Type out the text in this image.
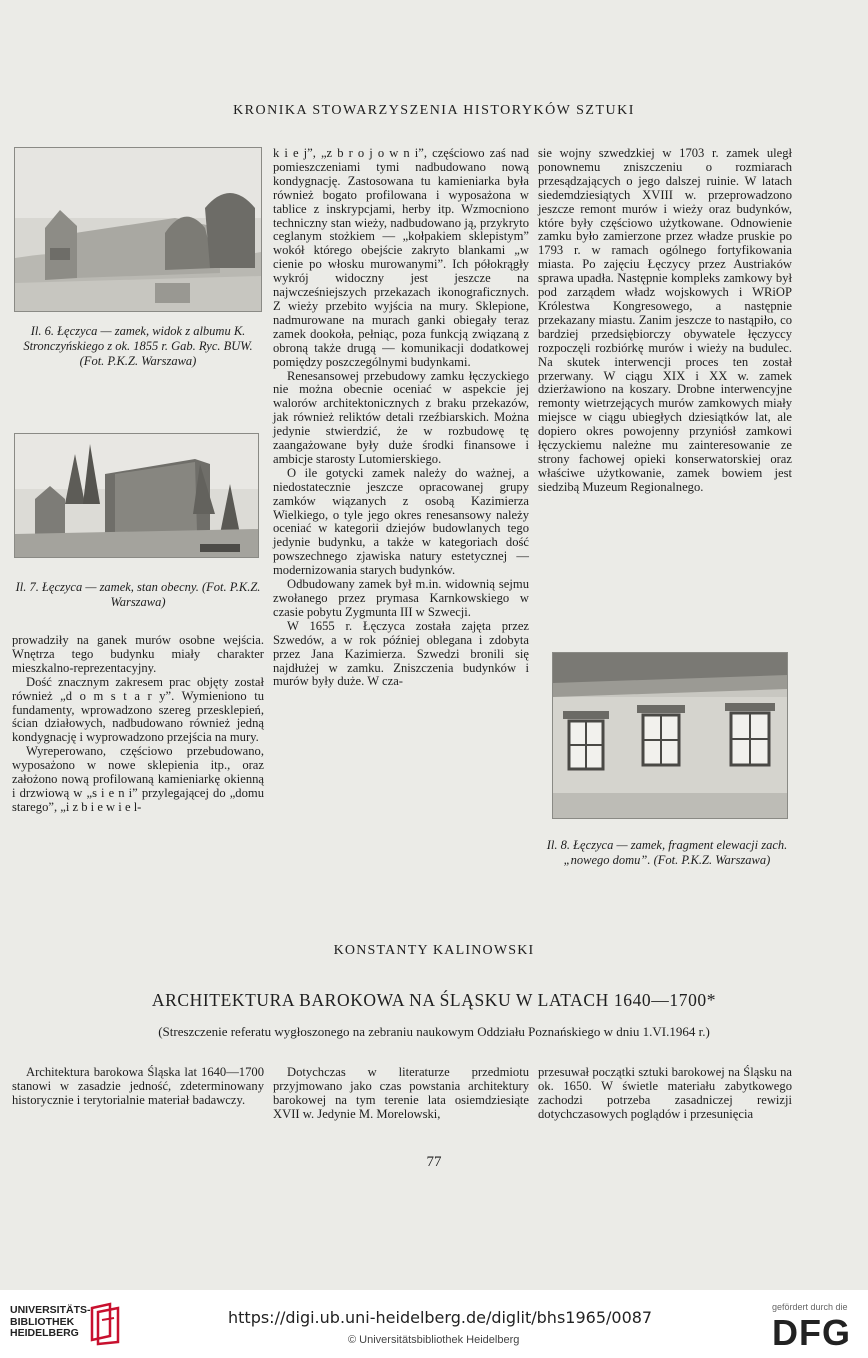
KRONIKA STOWARZYSZENIA HISTORYKÓW SZTUKI
Il. 6. Łęczyca — zamek, widok z albumu K. Stronczyńskiego z ok. 1855 r. Gab. Ryc. BUW. (Fot. P.K.Z. Warszawa)
Il. 7. Łęczyca — zamek, stan obecny. (Fot. P.K.Z. Warszawa)

prowadziły na ganek murów osobne wejścia. Wnętrza tego budynku miały charakter mieszkalno-reprezentacyjny.

Dość znacznym zakresem prac objęty został również „d o m s t a r y”. Wymieniono tu fundamenty, wprowadzono szereg przesklepień, ścian działowych, nadbudowano również jedną kondygnację i wyprowadzono przejścia na mury.

Wyreperowano, częściowo przebudowano, wyposażono w nowe sklepienia itp., oraz założono nową profilowaną kamieniarkę okienną i drzwiową w „s i e n i” przylegającej do „domu starego”, „i z b i e w i e l-

k i e j”, „z b r o j o w n i”, częściowo zaś nad pomieszczeniami tymi nadbudowano nową kondygnację. Zastosowana tu kamieniarka była również bogato profilowana i wyposażona w tablice z inskrypcjami, herby itp. Wzmocniono techniczny stan wieży, nadbudowano ją, przykryto ceglanym stożkiem — „kołpakiem sklepistym” wokół którego obejście zakryto blankami „w cienie po włosku murowanymi”. Ich półokrągły wykrój widoczny jest jeszcze na najwcześniejszych przekazach ikonograficznych. Z wieży przebito wyjścia na mury. Sklepione, nadmurowane na murach ganki obiegały teraz zamek dookoła, pełniąc, poza funkcją związaną z obroną także drugą — komunikacji dodatkowej pomiędzy poszczególnymi budynkami.

Renesansowej przebudowy zamku łęczyckiego nie można obecnie oceniać w aspekcie jej walorów architektonicznych z braku przekazów, jak również reliktów detali rzeźbiarskich. Można jedynie stwierdzić, że w rozbudowę tę zaangażowane były duże środki finansowe i ambicje starosty Lutomierskiego.

O ile gotycki zamek należy do ważnej, a niedostatecznie jeszcze opracowanej grupy zamków wiązanych z osobą Kazimierza Wielkiego, o tyle jego okres renesansowy należy oceniać w kategorii dziejów budowlanych tego jedynie budynku, a także w kategoriach dość powszechnego zjawiska natury estetycznej — modernizowania starych budynków.

Odbudowany zamek był m.in. widownią sejmu zwołanego przez prymasa Karnkowskiego w czasie pobytu Zygmunta III w Szwecji.

W 1655 r. Łęczyca została zajęta przez Szwedów, a w rok później oblegana i zdobyta przez Jana Kazimierza. Szwedzi bronili się najdłużej w zamku. Zniszczenia budynków i murów były duże. W cza-

sie wojny szwedzkiej w 1703 r. zamek uległ ponownemu zniszczeniu o rozmiarach przesądzających o jego dalszej ruinie. W latach siedemdziesiątych XVIII w. przeprowadzono jeszcze remont murów i wieży oraz budynków, które były częściowo użytkowane. Odnowienie zamku było zamierzone przez władze pruskie po 1793 r. w ramach ogólnego fortyfikowania miasta. Po zajęciu Łęczycy przez Austriaków sprawa upadła. Następnie kompleks zamkowy był pod zarządem władz wojskowych i WRiOP Królestwa Kongresowego, a następnie przekazany miastu. Zanim jeszcze to nastąpiło, co bardziej przedsiębiorczy obywatele łęczyccy rozpoczęli rozbiórkę murów i wieży na budulec. Na skutek interwencji proces ten został przerwany. W ciągu XIX i XX w. zamek dzierżawiono na koszary. Drobne interwencyjne remonty wietrzejących murów zamkowych miały miejsce w ciągu ubiegłych dziesiątków lat, ale dopiero okres powojenny przyniósł zamkowi łęczyckiemu należne mu zainteresowanie ze strony fachowej opieki konserwatorskiej oraz właściwe użytkowanie, zamek bowiem jest siedzibą Muzeum Regionalnego.

Il. 8. Łęczyca — zamek, fragment elewacji zach. „nowego domu”. (Fot. P.K.Z. Warszawa)
KONSTANTY KALINOWSKI
ARCHITEKTURA BAROKOWA NA ŚLĄSKU W LATACH 1640—1700*
(Streszczenie referatu wygłoszonego na zebraniu naukowym Oddziału Poznańskiego w dniu 1.VI.1964 r.)
Architektura barokowa Śląska lat 1640—1700 stanowi w zasadzie jedność, zdeterminowany historycznie i terytorialnie materiał badawczy.
Dotychczas w literaturze przedmiotu przyjmowano jako czas powstania architektury barokowej na tym terenie lata osiemdziesiąte XVII w. Jedynie M. Morelowski,
przesuwał początki sztuki barokowej na Śląsku na ok. 1650. W świetle materiału zabytkowego zachodzi potrzeba zasadniczej rewizji dotychczasowych poglądów i przesunięcia
77
UNIVERSITÄTS-
BIBLIOTHEK
HEIDELBERG
https://digi.ub.uni-heidelberg.de/diglit/bhs1965/0087
© Universitätsbibliothek Heidelberg
gefördert durch die
DFG
